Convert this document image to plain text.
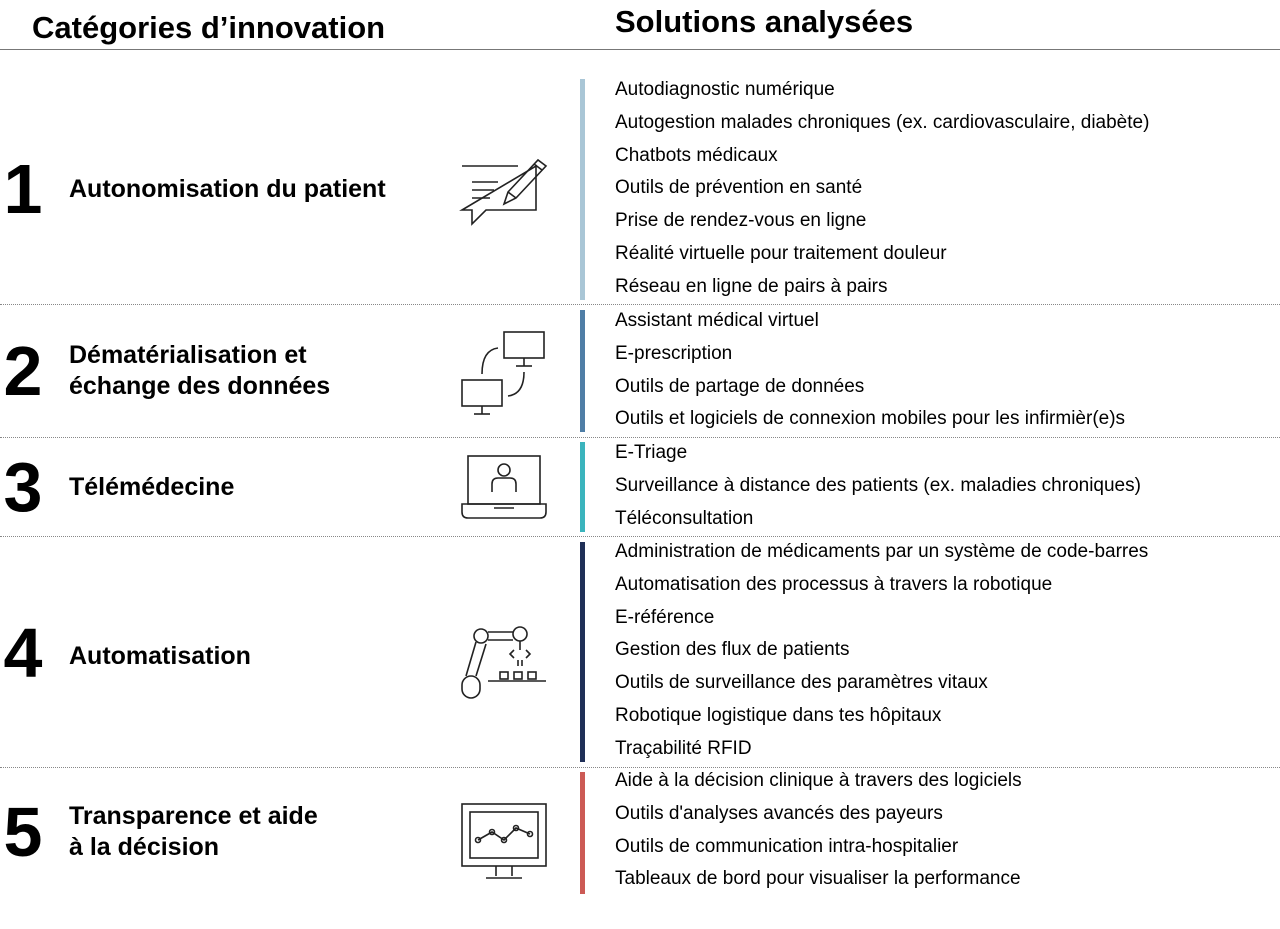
Catégories d’innovation	Solutions analysées
1 Autonomisation du patient
Autodiagnostic numérique
Autogestion malades chroniques (ex. cardiovasculaire, diabète)
Chatbots médicaux
Outils de prévention en santé
Prise de rendez-vous en ligne
Réalité virtuelle pour traitement douleur
Réseau en ligne de pairs à pairs
2 Dématérialisation et
échange des données
Assistant médical virtuel
E-prescription
Outils de partage de données
Outils et logiciels de connexion mobiles pour les infirmièr(e)s
3 Télémédecine
E-Triage
Surveillance à distance des patients (ex. maladies chroniques)
Téléconsultation
4 Automatisation
Administration de médicaments par un système de code-barres
Automatisation des processus à travers la robotique
E-référence
Gestion des flux de patients
Outils de surveillance des paramètres vitaux
Robotique logistique dans tes hôpitaux
Traçabilité RFID
5 Transparence et aide
à la décision
Aide à la décision clinique à travers des logiciels
Outils d'analyses avancés des payeurs
Outils de communication intra-hospitalier
Tableaux de bord pour visualiser la performance
